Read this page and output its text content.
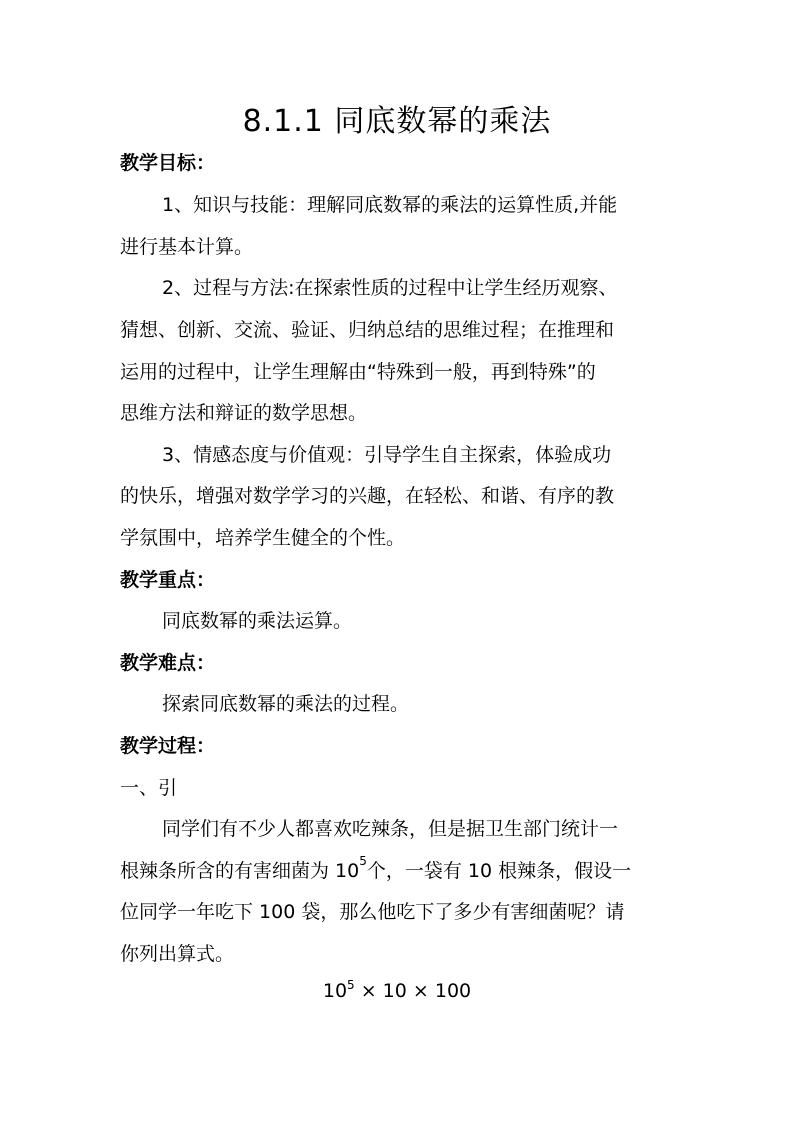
8.1.1 同底数幂的乘法
教学目标：
1、知识与技能：理解同底数幂的乘法的运算性质,并能
进行基本计算。
2、过程与方法:在探索性质的过程中让学生经历观察、
猜想、创新、交流、验证、归纳总结的思维过程；在推理和
运用的过程中，让学生理解由“特殊到一般，再到特殊”的
思维方法和辩证的数学思想。
3、情感态度与价值观：引导学生自主探索，体验成功
的快乐，增强对数学学习的兴趣，在轻松、和谐、有序的教
学氛围中，培养学生健全的个性。
教学重点：
同底数幂的乘法运算。
教学难点：
探索同底数幂的乘法的过程。
教学过程：
一、引
同学们有不少人都喜欢吃辣条，但是据卫生部门统计一
根辣条所含的有害细菌为 $10^5$个，一袋有 10 根辣条，假设一
位同学一年吃下 100 袋，那么他吃下了多少有害细菌呢？请
你列出算式。
$10^5 \times 10 \times 100$
